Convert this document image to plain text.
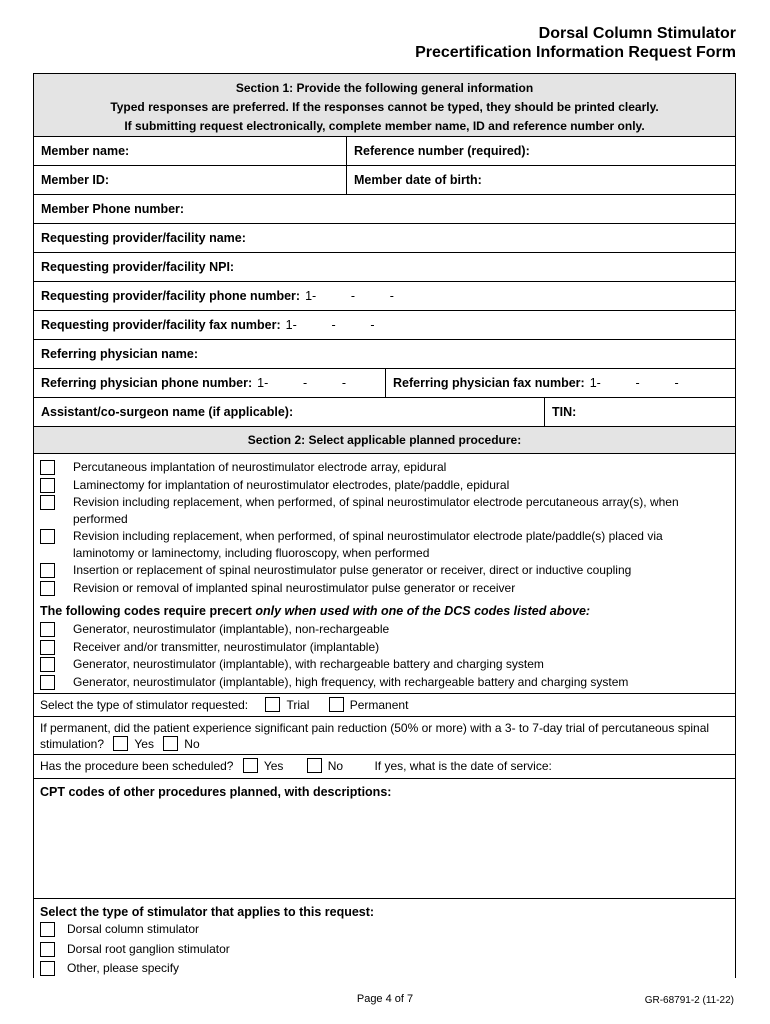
Dorsal Column Stimulator
Precertification Information Request Form
Section 1: Provide the following general information
Typed responses are preferred. If the responses cannot be typed, they should be printed clearly.
If submitting request electronically, complete member name, ID and reference number only.
Member name:	Reference number (required):
Member ID:	Member date of birth:
Member Phone number:
Requesting provider/facility name:
Requesting provider/facility NPI:
Requesting provider/facility phone number: 1-          -          -
Requesting provider/facility fax number: 1-          -          -
Referring physician name:
Referring physician phone number: 1-          -          -	Referring physician fax number: 1-          -          -
Assistant/co-surgeon name (if applicable):	TIN:
Section 2: Select applicable planned procedure:
Percutaneous implantation of neurostimulator electrode array, epidural
Laminectomy for implantation of neurostimulator electrodes, plate/paddle, epidural
Revision including replacement, when performed, of spinal neurostimulator electrode percutaneous array(s), when performed
Revision including replacement, when performed, of spinal neurostimulator electrode plate/paddle(s) placed via laminotomy or laminectomy, including fluoroscopy, when performed
Insertion or replacement of spinal neurostimulator pulse generator or receiver, direct or inductive coupling
Revision or removal of implanted spinal neurostimulator pulse generator or receiver
The following codes require precert only when used with one of the DCS codes listed above:
Generator, neurostimulator (implantable), non-rechargeable
Receiver and/or transmitter, neurostimulator (implantable)
Generator, neurostimulator (implantable), with rechargeable battery and charging system
Generator, neurostimulator (implantable), high frequency, with rechargeable battery and charging system
Select the type of stimulator requested:	Trial	Permanent
If permanent, did the patient experience significant pain reduction (50% or more) with a 3- to 7-day trial of percutaneous spinal stimulation?	Yes	No
Has the procedure been scheduled?	Yes	No	If yes, what is the date of service:
CPT codes of other procedures planned, with descriptions:
Select the type of stimulator that applies to this request:
Dorsal column stimulator
Dorsal root ganglion stimulator
Other, please specify
Page 4 of 7	GR-68791-2 (11-22)
